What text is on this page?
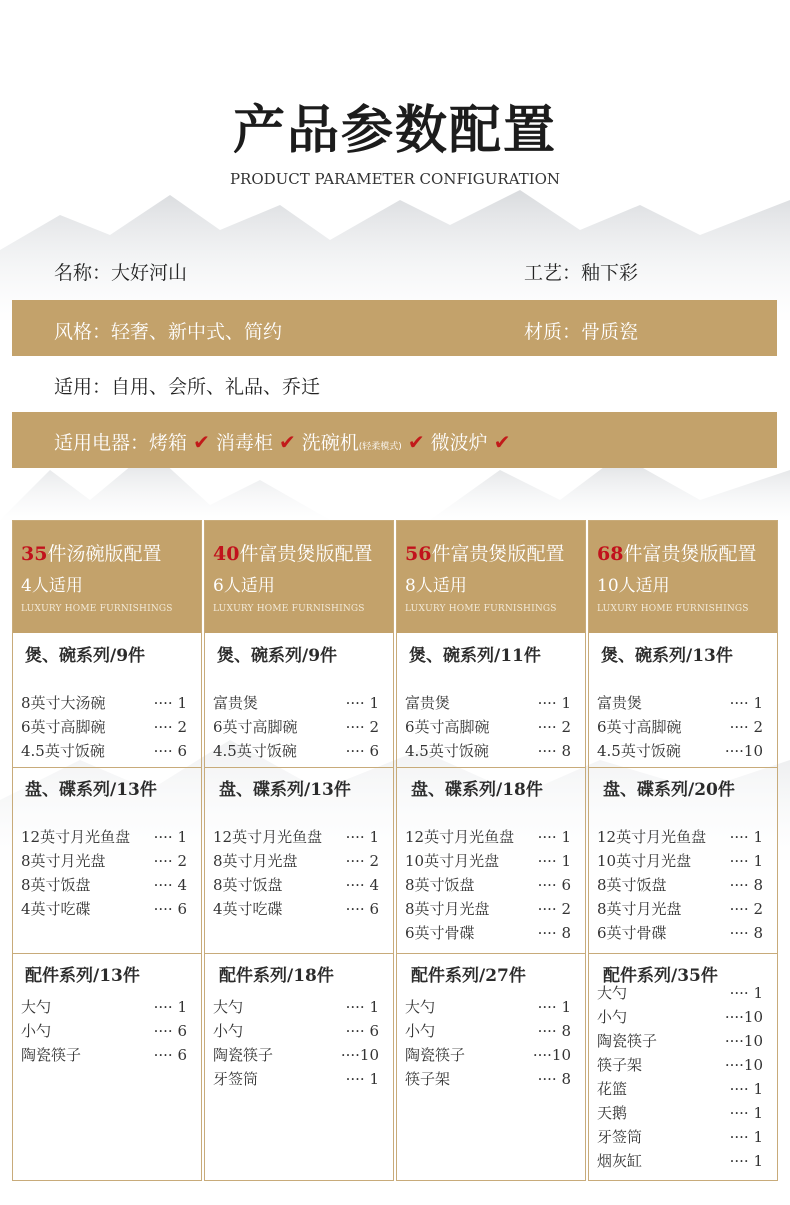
产品参数配置
PRODUCT PARAMETER CONFIGURATION
名称：大好河山	工艺：釉下彩
风格：轻奢、新中式、简约	材质：骨质瓷
适用：自用、会所、礼品、乔迁
适用电器：烤箱 ✔ 消毒柜 ✔ 洗碗机(轻柔模式) ✔ 微波炉 ✔
35件汤碗版配置
4人适用
LUXURY HOME FURNISHINGS
煲、碗系列/9件
8英寸大汤碗	···· 1
6英寸高脚碗	···· 2
4.5英寸饭碗	···· 6
盘、碟系列/13件
12英寸月光鱼盘 ···· 1
8英寸月光盘	···· 2
8英寸饭盘	···· 4
4英寸吃碟	···· 6
配件系列/13件
大勺	···· 1
小勺	···· 6
陶瓷筷子	···· 6
40件富贵煲版配置
6人适用
LUXURY HOME FURNISHINGS
煲、碗系列/9件
富贵煲	···· 1
6英寸高脚碗	···· 2
4.5英寸饭碗	···· 6
盘、碟系列/13件
12英寸月光鱼盘 ···· 1
8英寸月光盘	···· 2
8英寸饭盘	···· 4
4英寸吃碟	···· 6
配件系列/18件
大勺	···· 1
小勺	···· 6
陶瓷筷子	····10
牙签筒	···· 1
56件富贵煲版配置
8人适用
LUXURY HOME FURNISHINGS
煲、碗系列/11件
富贵煲	···· 1
6英寸高脚碗	···· 2
4.5英寸饭碗	···· 8
盘、碟系列/18件
12英寸月光鱼盘 ···· 1
10英寸月光盘	···· 1
8英寸饭盘	···· 6
8英寸月光盘	···· 2
6英寸骨碟	···· 8
配件系列/27件
大勺	···· 1
小勺	···· 8
陶瓷筷子	····10
筷子架	···· 8
68件富贵煲版配置
10人适用
LUXURY HOME FURNISHINGS
煲、碗系列/13件
富贵煲	···· 1
6英寸高脚碗	···· 2
4.5英寸饭碗	····10
盘、碟系列/20件
12英寸月光鱼盘 ···· 1
10英寸月光盘	···· 1
8英寸饭盘	···· 8
8英寸月光盘	···· 2
6英寸骨碟	···· 8
配件系列/35件
大勺	···· 1
小勺	····10
陶瓷筷子	····10
筷子架	····10
花篮	···· 1
天鹅	···· 1
牙签筒	···· 1
烟灰缸	···· 1
